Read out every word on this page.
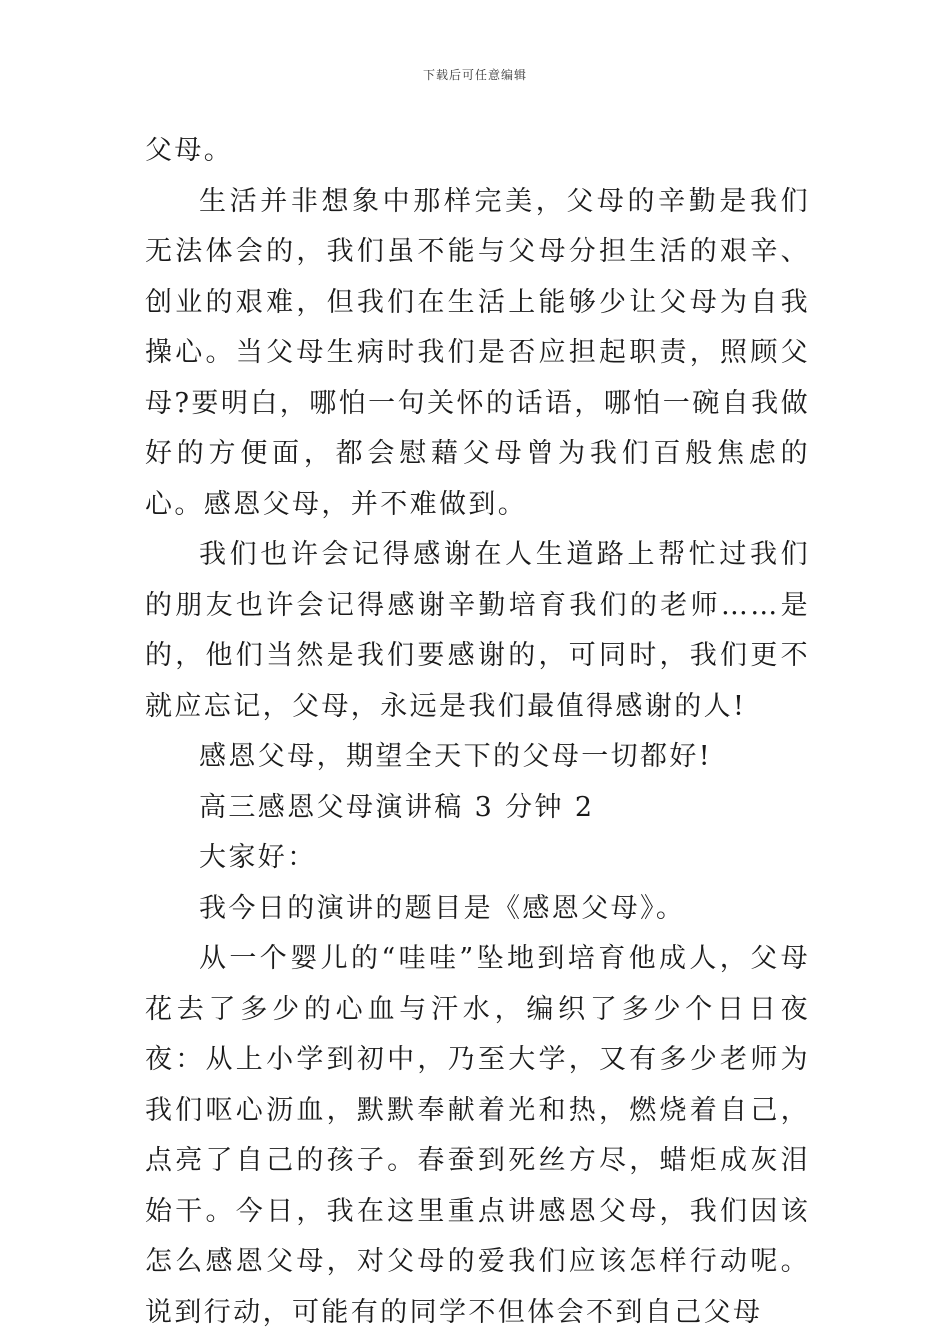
下载后可任意编辑

父母。

生活并非想象中那样完美，父母的辛勤是我们无法体会的，我们虽不能与父母分担生活的艰辛、创业的艰难，但我们在生活上能够少让父母为自我操心。当父母生病时我们是否应担起职责，照顾父母?要明白，哪怕一句关怀的话语，哪怕一碗自我做好的方便面，都会慰藉父母曾为我们百般焦虑的心。感恩父母，并不难做到。

我们也许会记得感谢在人生道路上帮忙过我们的朋友也许会记得感谢辛勤培育我们的老师……是的，他们当然是我们要感谢的，可同时，我们更不就应忘记，父母，永远是我们最值得感谢的人!

感恩父母，期望全天下的父母一切都好!

高三感恩父母演讲稿 3 分钟 2

大家好：

我今日的演讲的题目是《感恩父母》。

从一个婴儿的“哇哇”坠地到培育他成人，父母花去了多少的心血与汗水，编织了多少个日日夜夜：从上小学到初中，乃至大学，又有多少老师为我们呕心沥血，默默奉献着光和热，燃烧着自己，点亮了自己的孩子。春蚕到死丝方尽，蜡炬成灰泪始干。今日，我在这里重点讲感恩父母，我们因该怎么感恩父母，对父母的爱我们应该怎样行动呢。说到行动，可能有的同学不但体会不到自己父母
